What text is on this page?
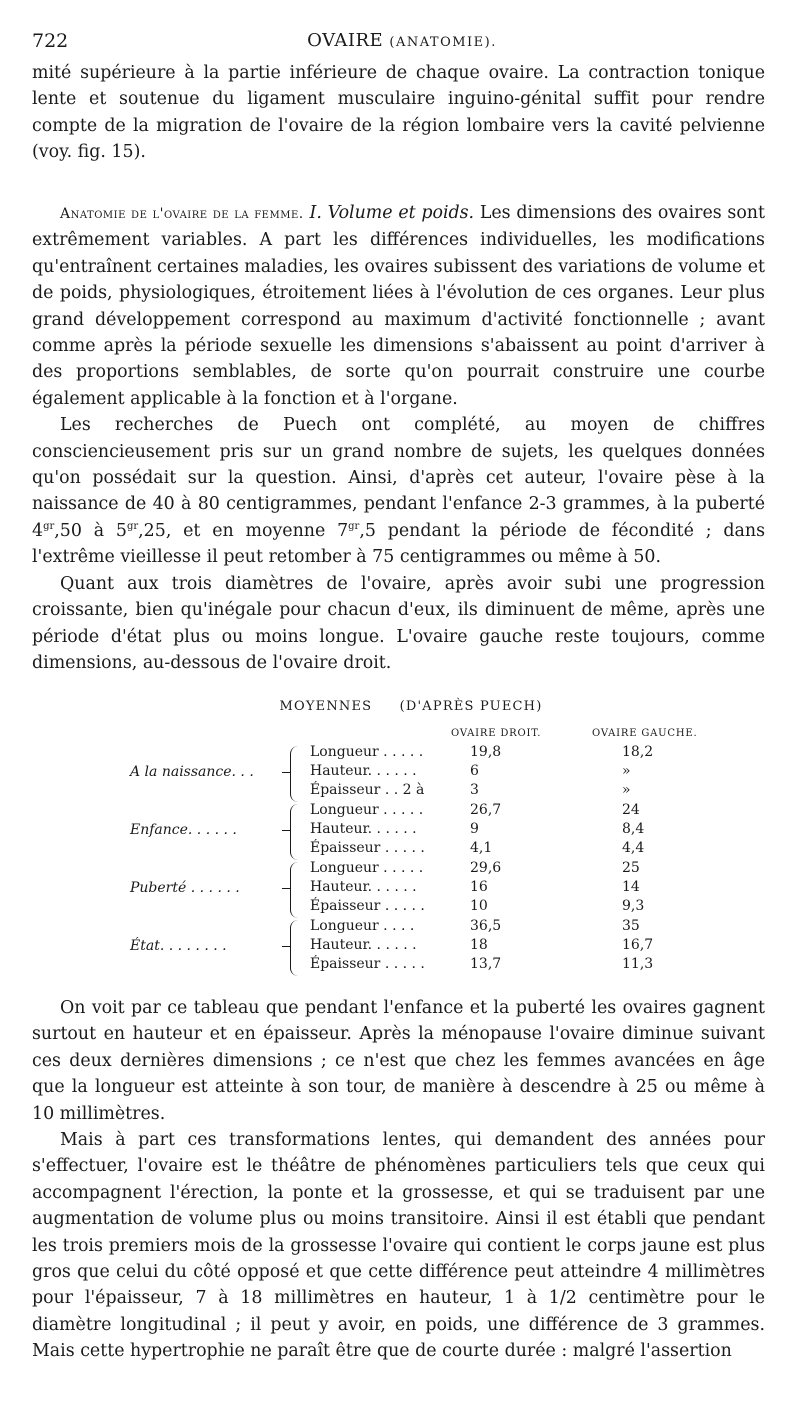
722	OVAIRE (ANATOMIE).

mité supérieure à la partie inférieure de chaque ovaire. La contraction tonique lente et soutenue du ligament musculaire inguino-génital suffit pour rendre compte de la migration de l'ovaire de la région lombaire vers la cavité pelvienne (voy. fig. 15).

Anatomie de l'ovaire de la femme. I. Volume et poids. Les dimensions des ovaires sont extrêmement variables. A part les différences individuelles, les modifications qu'entraînent certaines maladies, les ovaires subissent des variations de volume et de poids, physiologiques, étroitement liées à l'évolution de ces organes. Leur plus grand développement correspond au maximum d'activité fonctionnelle ; avant comme après la période sexuelle les dimensions s'abaissent au point d'arriver à des proportions semblables, de sorte qu'on pourrait construire une courbe également applicable à la fonction et à l'organe.

Les recherches de Puech ont complété, au moyen de chiffres consciencieusement pris sur un grand nombre de sujets, les quelques données qu'on possédait sur la question. Ainsi, d'après cet auteur, l'ovaire pèse à la naissance de 40 à 80 centigrammes, pendant l'enfance 2-3 grammes, à la puberté $4^{gr},50$ à $5^{gr},25$, et en moyenne $7^{gr},5$ pendant la période de fécondité ; dans l'extrême vieillesse il peut retomber à 75 centigrammes ou même à 50.

Quant aux trois diamètres de l'ovaire, après avoir subi une progression croissante, bien qu'inégale pour chacun d'eux, ils diminuent de même, après une période d'état plus ou moins longue. L'ovaire gauche reste toujours, comme dimensions, au-dessous de l'ovaire droit.

MOYENNES (D'APRÈS PUECH)
OVAIRE DROIT.	OVAIRE GAUCHE.
A la naissance. . .
Longueur . . . . .	19,8	18,2
Hauteur. . . . . .	6	»
Épaisseur . . 2 à	3	»
Enfance. . . . . .
Longueur . . . . .	26,7	24
Hauteur. . . . . .	9	8,4
Épaisseur . . . . .	4,1	4,4
Puberté . . . . . .
Longueur . . . . .	29,6	25
Hauteur. . . . . .	16	14
Épaisseur . . . . .	10	9,3
État. . . . . . . .
Longueur . . . .	36,5	35
Hauteur. . . . . .	18	16,7
Épaisseur . . . . .	13,7	11,3

On voit par ce tableau que pendant l'enfance et la puberté les ovaires gagnent surtout en hauteur et en épaisseur. Après la ménopause l'ovaire diminue suivant ces deux dernières dimensions ; ce n'est que chez les femmes avancées en âge que la longueur est atteinte à son tour, de manière à descendre à 25 ou même à 10 millimètres.

Mais à part ces transformations lentes, qui demandent des années pour s'effectuer, l'ovaire est le théâtre de phénomènes particuliers tels que ceux qui accompagnent l'érection, la ponte et la grossesse, et qui se traduisent par une augmentation de volume plus ou moins transitoire. Ainsi il est établi que pendant les trois premiers mois de la grossesse l'ovaire qui contient le corps jaune est plus gros que celui du côté opposé et que cette différence peut atteindre 4 millimètres pour l'épaisseur, 7 à 18 millimètres en hauteur, 1 à 1/2 centimètre pour le diamètre longitudinal ; il peut y avoir, en poids, une différence de 3 grammes. Mais cette hypertrophie ne paraît être que de courte durée : malgré l'assertion
